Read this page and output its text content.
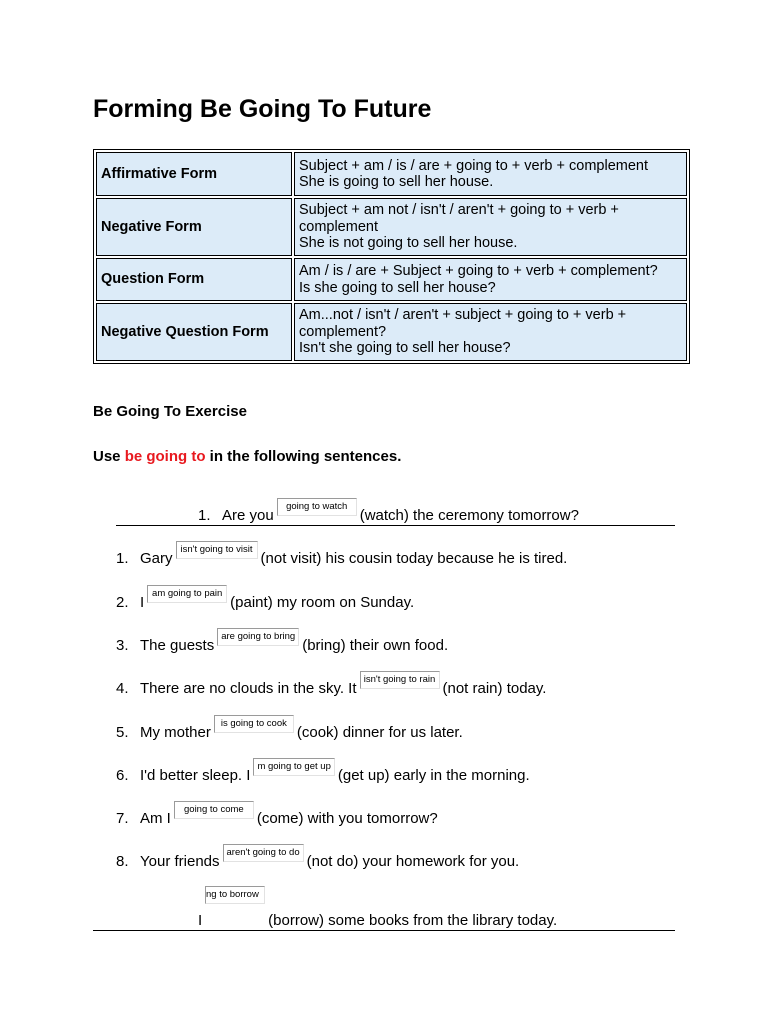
Forming Be Going To Future
Affirmative Form	Subject + am / is / are + going to + verb + complement
She is going to sell her house.

Negative Form	Subject + am not / isn't / aren't + going to + verb +
complement
She is not going to sell her house.

Question Form	Am / is / are + Subject + going to + verb + complement?
Is she going to sell her house?

Negative Question Form	Am...not / isn't / aren't + subject + going to + verb +
complement?
Isn't she going to sell her house?
Be Going To Exercise

Use be going to in the following sentences.

1. Are yougoing to watch(watch) the ceremony tomorrow?
1. Garyisn't going to visit(not visit) his cousin today because he is tired.
2. Iam going to pain(paint) my room on Sunday.
3. The guestsare going to bring(bring) their own food.
4. There are no clouds in the sky. Itisn't going to rain(not rain) today.
5. My motheris going to cook(cook) dinner for us later.
6. I'd better sleep. Im going to get up(get up) early in the morning.
7. Am Igoing to come(come) with you tomorrow?
8. Your friendsaren't going to do(not do) your homework for you.
ng to borrow
I	(borrow) some books from the library today.
